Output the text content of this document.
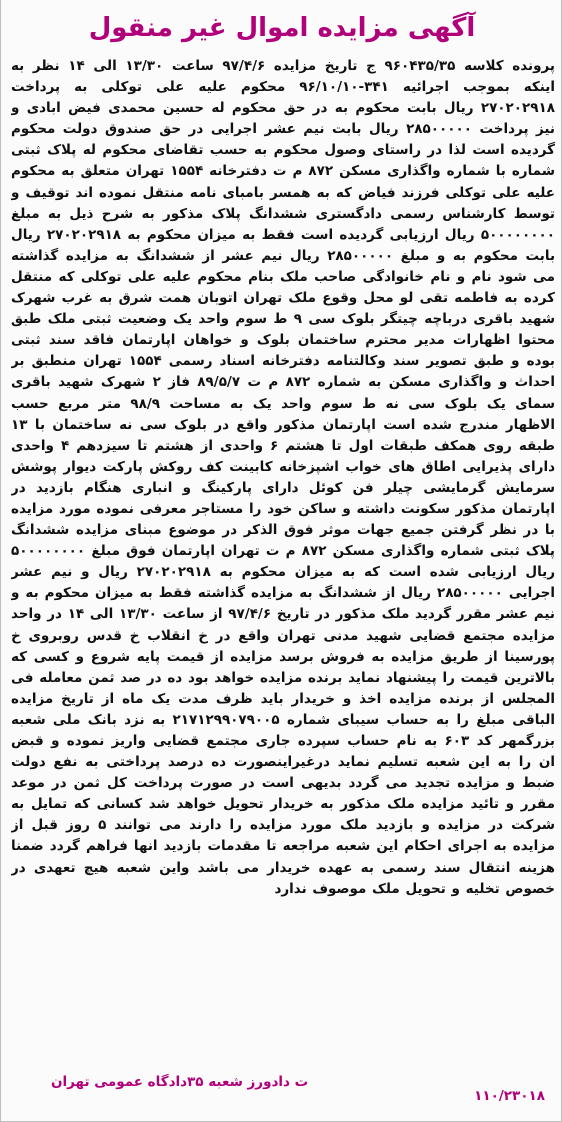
آگهی مزایده اموال غیر منقول
پرونده کلاسه ۹۶۰۴۳۵/۳۵ ج تاریخ مزایده ۹۷/۴/۶ ساعت ۱۳/۳۰ الی ۱۴ نظر به اینکه بموجب اجرائیه ۳۴۱-۹۶/۱۰/۱۰ محکوم علیه علی توکلی به پرداخت ۲۷۰۲۰۲۹۱۸ ریال بابت محکوم به در حق محکوم له حسین محمدی فیض ابادی و نیز پرداخت ۲۸۵۰۰۰۰۰ ریال بابت نیم عشر اجرایی در حق صندوق دولت محکوم گردیده است لذا در راستای وصول محکوم به حسب تقاضای محکوم له پلاک ثبتی شماره با شماره واگذاری مسکن ۸۷۲ م ت دفترخانه ۱۵۵۴ تهران متعلق به محکوم علیه علی توکلی فرزند فیاض که به همسر بامبای نامه منتقل نموده اند توقیف و توسط کارشناس رسمی دادگستری ششدانگ پلاک مذکور به شرح ذیل به مبلغ ۵۰۰۰۰۰۰۰۰ ریال ارزیابی گردیده است فقط به میزان محکوم به ۲۷۰۲۰۲۹۱۸ ریال بابت محکوم به و مبلغ ۲۸۵۰۰۰۰۰ ریال نیم عشر از ششدانگ به مزایده گذاشته می شود نام و نام خانوادگی صاحب ملک بنام محکوم علیه علی توکلی که منتقل کرده به فاطمه تقی لو محل وقوع ملک تهران اتوبان همت شرق به غرب شهرک شهید باقری درباچه چیتگر بلوک سی ۹ ط سوم واحد یک وضعیت ثبتی ملک طبق محتوا اظهارات مدیر محترم ساختمان بلوک و خواهان اپارتمان فاقد سند ثبتی بوده و طبق تصویر سند وکالتنامه دفترخانه اسناد رسمی ۱۵۵۴ تهران منطبق بر احداث و واگذاری مسکن به شماره ۸۷۲ م ت ۸۹/۵/۷ فاز ۲ شهرک شهید باقری سمای یک بلوک سی نه ط سوم واحد یک به مساحت ۹۸/۹ متر مربع حسب الاظهار مندرج شده است اپارتمان مذکور واقع در بلوک سی نه ساختمان با ۱۳ طبقه روی همکف طبقات اول تا هشتم ۶ واحدی از هشتم تا سیزدهم ۴ واحدی دارای پذیرایی اطاق های خواب اشپزخانه کابینت کف روکش پارکت دیوار پوشش سرمایش گرمایشی چیلر فن کوئل دارای پارکینگ و انباری هنگام بازدید در اپارتمان مذکور سکونت داشته و ساکن خود را مستاجر معرفی نموده مورد مزایده با در نظر گرفتن جمیع جهات موثر فوق الذکر در موضوع مبنای مزایده ششدانگ پلاک ثبتی شماره واگذاری مسکن ۸۷۲ م ت تهران اپارتمان فوق مبلغ ۵۰۰۰۰۰۰۰۰ ریال ارزیابی شده است که به میزان محکوم به ۲۷۰۲۰۲۹۱۸ ریال و نیم عشر اجرایی ۲۸۵۰۰۰۰۰ ریال از ششدانگ به مزایده گذاشته فقط به میزان محکوم به و نیم عشر مقرر گردید ملک مذکور در تاریخ ۹۷/۴/۶ از ساعت ۱۳/۳۰ الی ۱۴ در واحد مزایده مجتمع قضایی شهید مدنی تهران واقع در خ انقلاب خ قدس روبروی خ پورسینا از طریق مزایده به فروش برسد مزایده از قیمت پایه شروع و کسی که بالاترین قیمت را پیشنهاد نماید برنده مزایده خواهد بود ده در صد ثمن معامله فی المجلس از برنده مزایده اخذ و خریدار باید ظرف مدت یک ماه از تاریخ مزایده الباقی مبلغ را به حساب سیبای شماره ۲۱۷۱۲۹۹۰۷۹۰۰۵ به نزد بانک ملی شعبه بزرگمهر کد ۶۰۳ به نام حساب سپرده جاری مجتمع قضایی واریز نموده و قبض ان را به این شعبه تسلیم نماید درغیراینصورت ده درصد پرداختی به نفع دولت ضبط و مزایده تجدید می گردد بدیهی است در صورت پرداخت کل ثمن در موعد مقرر و تائید مزایده ملک مذکور به خریدار تحویل خواهد شد کسانی که تمایل به شرکت در مزایده و بازدید ملک مورد مزایده را دارند می توانند ۵ روز قبل از مزایده به اجرای احکام این شعبه مراجعه تا مقدمات بازدید انها فراهم گردد ضمنا هزینه انتقال سند رسمی به عهده خریدار می باشد واین شعبه هیچ تعهدی در خصوص تخلیه و تحویل ملک موصوف ندارد
۱۱۰/۲۳۰۱۸
ت دادورز شعبه ۳۵دادگاه عمومی تهران
